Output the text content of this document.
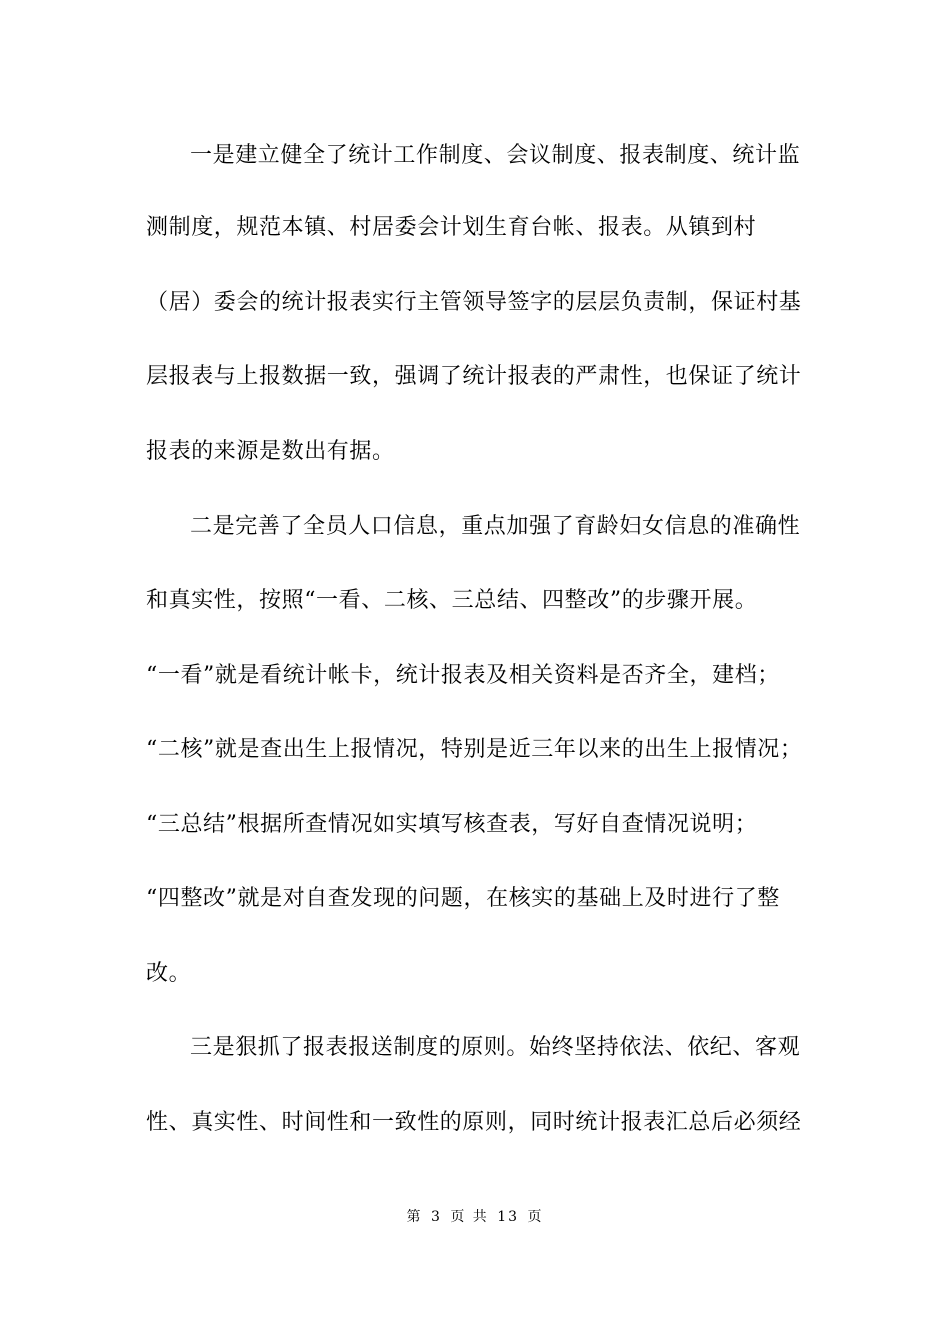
一是建立健全了统计工作制度、会议制度、报表制度、统计监
测制度，规范本镇、村居委会计划生育台帐、报表。从镇到村
（居）委会的统计报表实行主管领导签字的层层负责制，保证村基
层报表与上报数据一致，强调了统计报表的严肃性，也保证了统计
报表的来源是数出有据。
二是完善了全员人口信息，重点加强了育龄妇女信息的准确性
和真实性，按照“一看、二核、三总结、四整改”的步骤开展。
“一看”就是看统计帐卡，统计报表及相关资料是否齐全，建档；
“二核”就是查出生上报情况，特别是近三年以来的出生上报情况；
“三总结”根据所查情况如实填写核查表，写好自查情况说明；
“四整改”就是对自查发现的问题，在核实的基础上及时进行了整
改。
三是狠抓了报表报送制度的原则。始终坚持依法、依纪、客观
性、真实性、时间性和一致性的原则，同时统计报表汇总后必须经
第 3 页 共 13 页
